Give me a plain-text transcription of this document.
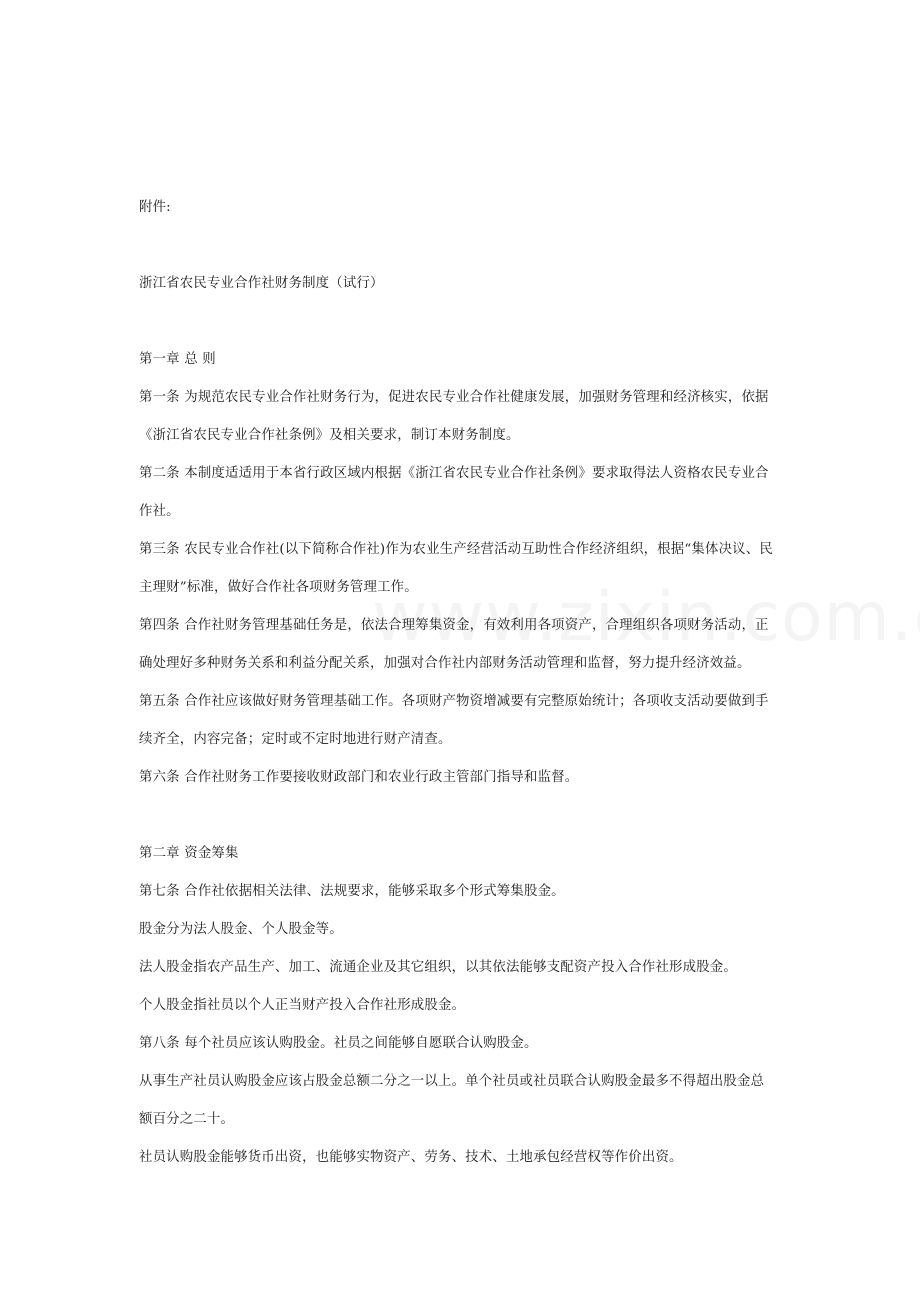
附件:
浙江省农民专业合作社财务制度（试行）
第一章 总 则
第一条 为规范农民专业合作社财务行为，促进农民专业合作社健康发展，加强财务管理和经济核实，依据
《浙江省农民专业合作社条例》及相关要求，制订本财务制度。
第二条 本制度适适用于本省行政区域内根据《浙江省农民专业合作社条例》要求取得法人资格农民专业合
作社。
第三条 农民专业合作社(以下简称合作社)作为农业生产经营活动互助性合作经济组织，根据“集体决议、民
主理财”标准，做好合作社各项财务管理工作。
第四条 合作社财务管理基础任务是，依法合理筹集资金，有效利用各项资产，合理组织各项财务活动，正
确处理好多种财务关系和利益分配关系，加强对合作社内部财务活动管理和监督，努力提升经济效益。
第五条 合作社应该做好财务管理基础工作。各项财产物资增减要有完整原始统计；各项收支活动要做到手
续齐全，内容完备；定时或不定时地进行财产清查。
第六条 合作社财务工作要接收财政部门和农业行政主管部门指导和监督。
第二章 资金筹集
第七条 合作社依据相关法律、法规要求，能够采取多个形式筹集股金。
股金分为法人股金、个人股金等。
法人股金指农产品生产、加工、流通企业及其它组织，以其依法能够支配资产投入合作社形成股金。
个人股金指社员以个人正当财产投入合作社形成股金。
第八条 每个社员应该认购股金。社员之间能够自愿联合认购股金。
从事生产社员认购股金应该占股金总额二分之一以上。单个社员或社员联合认购股金最多不得超出股金总
额百分之二十。
社员认购股金能够货币出资，也能够实物资产、劳务、技术、土地承包经营权等作价出资。
